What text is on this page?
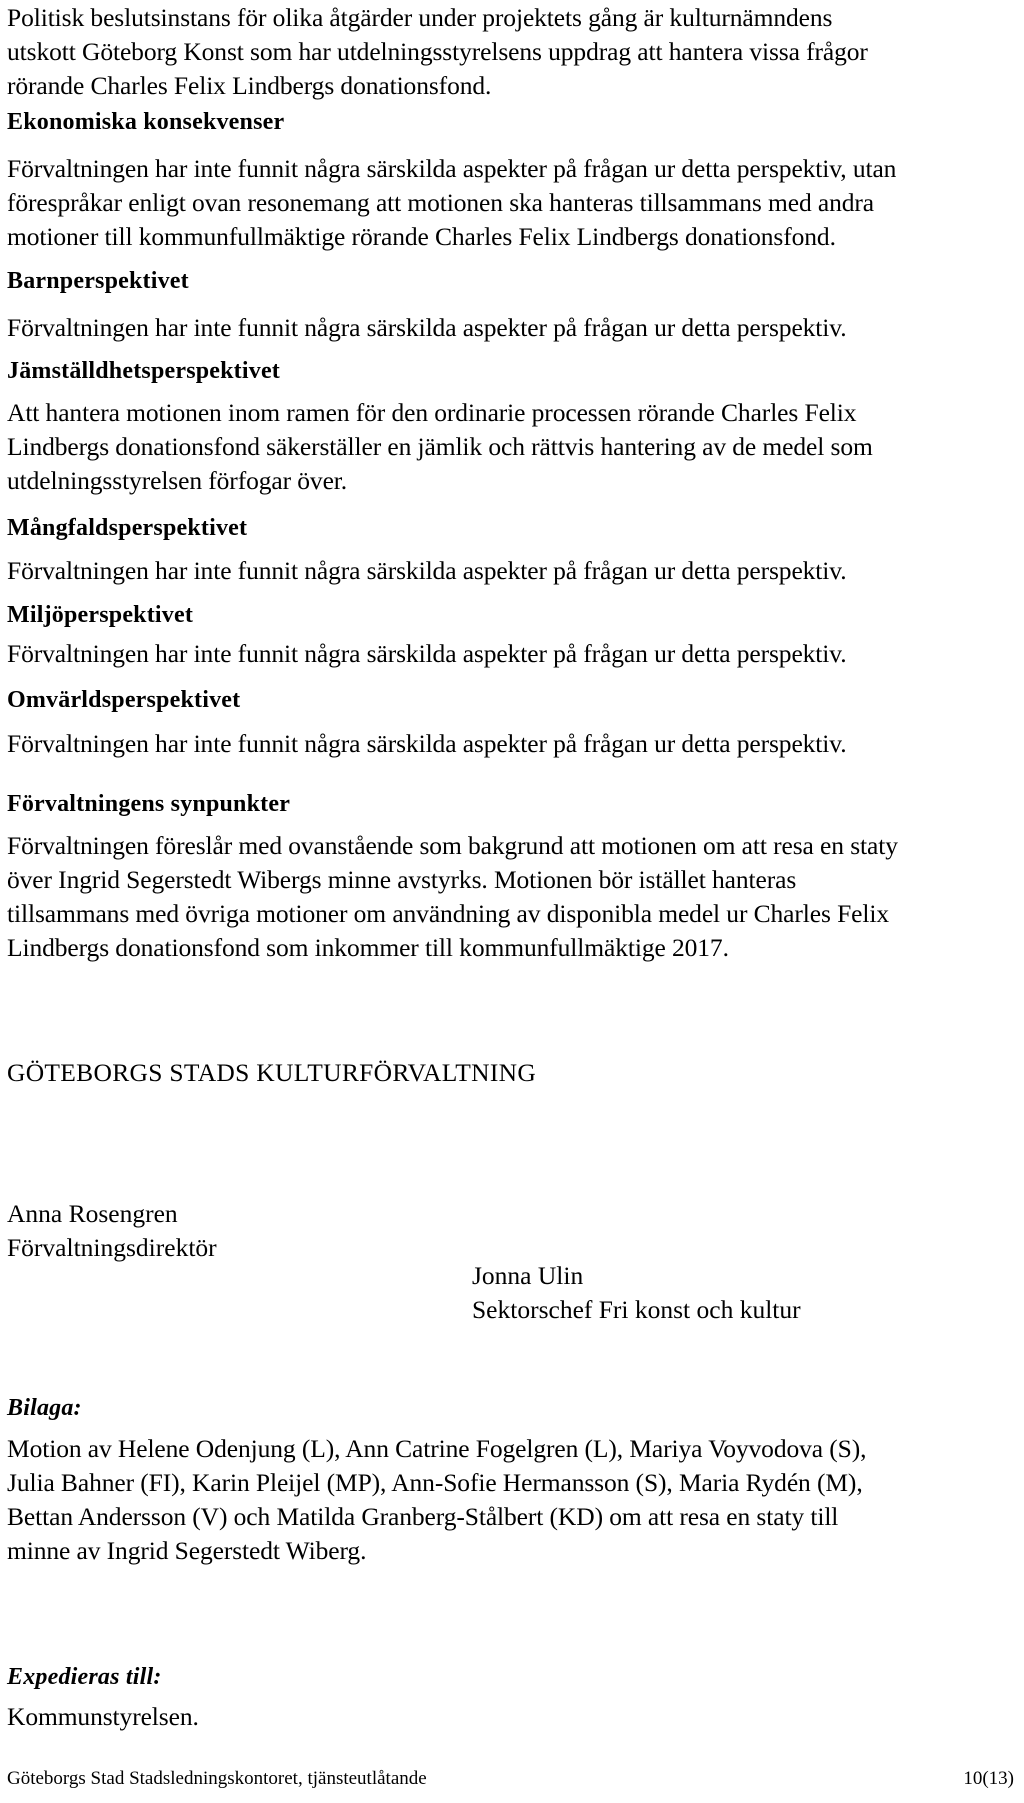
Politisk beslutsinstans för olika åtgärder under projektets gång är kulturnämndens
utskott Göteborg Konst som har utdelningsstyrelsens uppdrag att hantera vissa frågor
rörande Charles Felix Lindbergs donationsfond.

Ekonomiska konsekvenser

Förvaltningen har inte funnit några särskilda aspekter på frågan ur detta perspektiv, utan
förespråkar enligt ovan resonemang att motionen ska hanteras tillsammans med andra
motioner till kommunfullmäktige rörande Charles Felix Lindbergs donationsfond.

Barnperspektivet

Förvaltningen har inte funnit några särskilda aspekter på frågan ur detta perspektiv.

Jämställdhetsperspektivet

Att hantera motionen inom ramen för den ordinarie processen rörande Charles Felix
Lindbergs donationsfond säkerställer en jämlik och rättvis hantering av de medel som
utdelningsstyrelsen förfogar över.

Mångfaldsperspektivet

Förvaltningen har inte funnit några särskilda aspekter på frågan ur detta perspektiv.

Miljöperspektivet

Förvaltningen har inte funnit några särskilda aspekter på frågan ur detta perspektiv.

Omvärldsperspektivet

Förvaltningen har inte funnit några särskilda aspekter på frågan ur detta perspektiv.

Förvaltningens synpunkter

Förvaltningen föreslår med ovanstående som bakgrund att motionen om att resa en staty
över Ingrid Segerstedt Wibergs minne avstyrks. Motionen bör istället hanteras
tillsammans med övriga motioner om användning av disponibla medel ur Charles Felix
Lindbergs donationsfond som inkommer till kommunfullmäktige 2017.

GÖTEBORGS STADS KULTURFÖRVALTNING

Anna Rosengren
Förvaltningsdirektör
Jonna Ulin
Sektorschef Fri konst och kultur
Bilaga:

Motion av Helene Odenjung (L), Ann Catrine Fogelgren (L), Mariya Voyvodova (S),
Julia Bahner (FI), Karin Pleijel (MP), Ann-Sofie Hermansson (S), Maria Rydén (M),
Bettan Andersson (V) och Matilda Granberg-Stålbert (KD) om att resa en staty till
minne av Ingrid Segerstedt Wiberg.

Expedieras till:

Kommunstyrelsen.

Göteborgs Stad Stadsledningskontoret, tjänsteutlåtande	10(13)
